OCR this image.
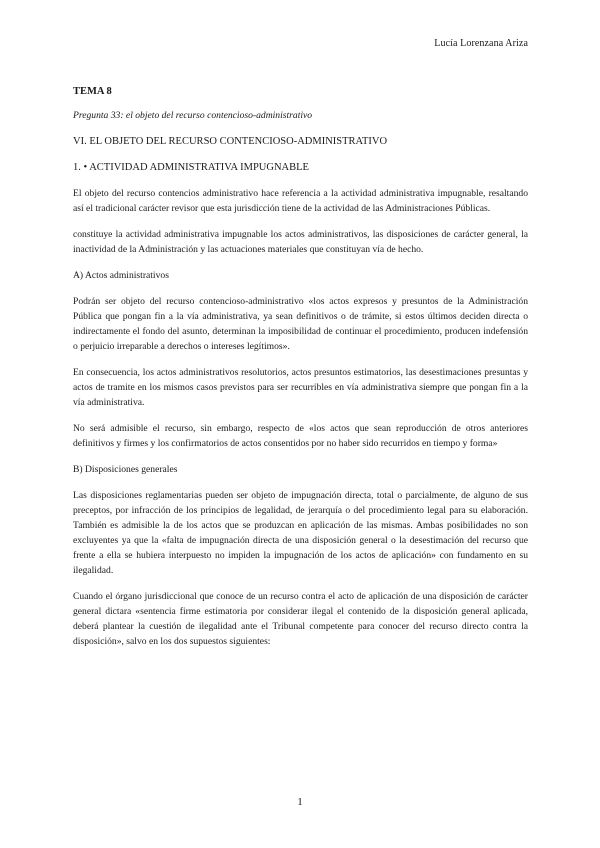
Lucía Lorenzana Ariza

TEMA 8

Pregunta 33: el objeto del recurso contencioso-administrativo

VI. EL OBJETO DEL RECURSO CONTENCIOSO-ADMINISTRATIVO

1. • ACTIVIDAD ADMINISTRATIVA IMPUGNABLE

El objeto del recurso contencios administrativo hace referencia a la actividad administrativa impugnable, resaltando así el tradicional carácter revisor que esta jurisdicción tiene de la actividad de las Administraciones Públicas.

constituye la actividad administrativa impugnable los actos administrativos, las disposiciones de carácter general, la inactividad de la Administración y las actuaciones materiales que constituyan vía de hecho.

A) Actos administrativos

Podrán ser objeto del recurso contencioso-administrativo «los actos expresos y presuntos de la Administración Pública que pongan fin a la vía administrativa, ya sean definitivos o de trámite, si estos últimos deciden directa o indirectamente el fondo del asunto, determinan la imposibilidad de continuar el procedimiento, producen indefensión o perjuicio irreparable a derechos o intereses legítimos».

En consecuencia, los actos administrativos resolutorios, actos presuntos estimatorios, las desestimaciones presuntas y actos de tramite en los mismos casos previstos para ser recurribles en vía administrativa siempre que pongan fin a la vía administrativa.

No será admisible el recurso, sin embargo, respecto de «los actos que sean reproducción de otros anteriores definitivos y firmes y los confirmatorios de actos consentidos por no haber sido recurridos en tiempo y forma»

B) Disposiciones generales

Las disposiciones reglamentarias pueden ser objeto de impugnación directa, total o parcialmente, de alguno de sus preceptos, por infracción de los principios de legalidad, de jerarquía o del procedimiento legal para su elaboración. También es admisible la de los actos que se produzcan en aplicación de las mismas. Ambas posibilidades no son excluyentes ya que la «falta de impugnación directa de una disposición general o la desestimación del recurso que frente a ella se hubiera interpuesto no impiden la impugnación de los actos de aplicación» con fundamento en su ilegalidad.

Cuando el órgano jurisdiccional que conoce de un recurso contra el acto de aplicación de una disposición de carácter general dictara «sentencia firme estimatoria por considerar ilegal el contenido de la disposición general aplicada, deberá plantear la cuestión de ilegalidad ante el Tribunal competente para conocer del recurso directo contra la disposición», salvo en los dos supuestos siguientes:

1
